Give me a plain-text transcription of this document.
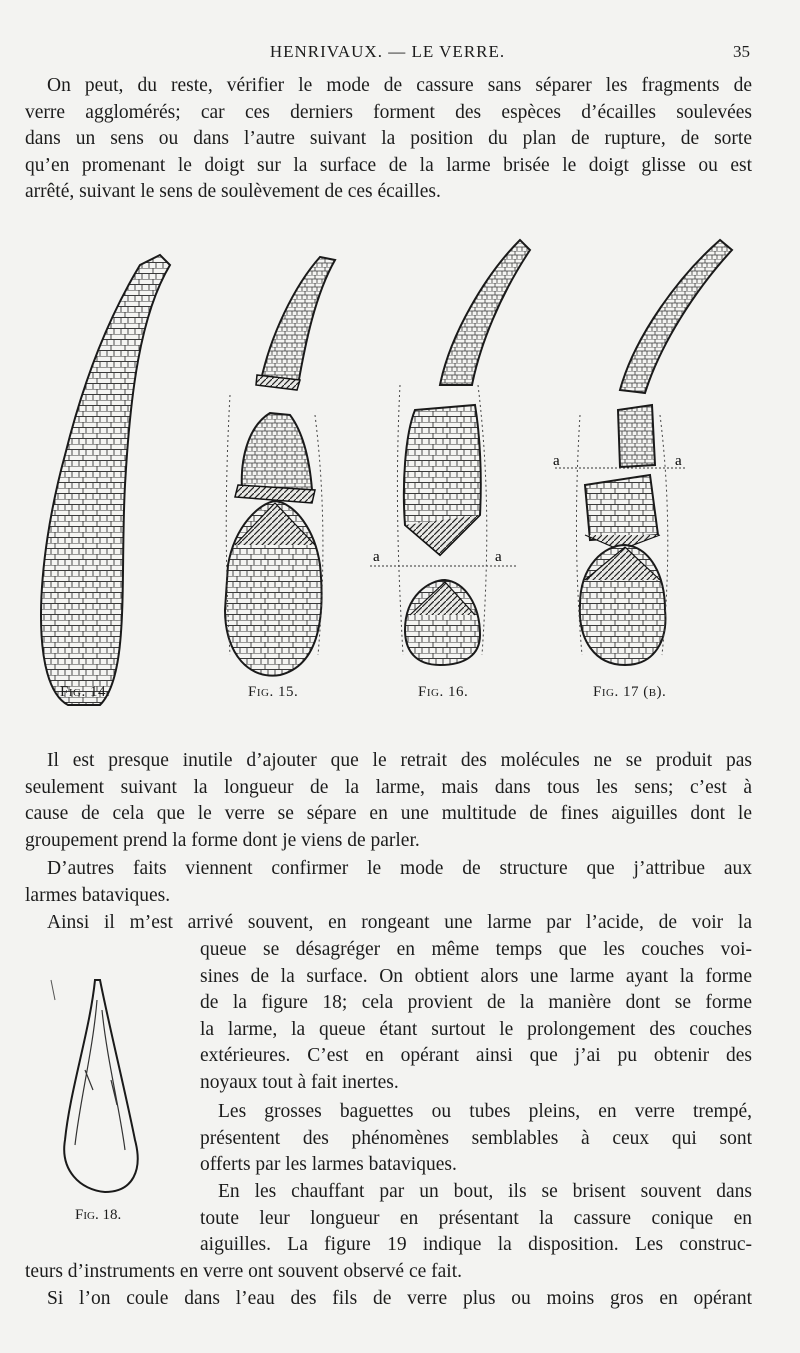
HENRIVAUX. — LE VERRE.	35
On peut, du reste, vérifier le mode de cassure sans séparer les fragments de
verre agglomérés; car ces derniers forment des espèces d’écailles soulevées
dans un sens ou dans l’autre suivant la position du plan de rupture, de sorte
qu’en promenant le doigt sur la surface de la larme brisée le doigt glisse ou est
arrêté, suivant le sens de soulèvement de ces écailles.
a	a
a	a
Fig. 14.	Fig. 15.	Fig. 16.	Fig. 17 (b).
Il est presque inutile d’ajouter que le retrait des molécules ne se produit pas
seulement suivant la longueur de la larme, mais dans tous les sens; c’est à
cause de cela que le verre se sépare en une multitude de fines aiguilles dont le
groupement prend la forme dont je viens de parler.
D’autres faits viennent confirmer le mode de structure que j’attribue aux
larmes bataviques.
Ainsi il m’est arrivé souvent, en rongeant une larme par l’acide, de voir la
Fig. 18.
queue se désagréger en même temps que les couches voi-
sines de la surface. On obtient alors une larme ayant la forme
de la figure 18; cela provient de la manière dont se forme
la larme, la queue étant surtout le prolongement des couches
extérieures. C’est en opérant ainsi que j’ai pu obtenir des
noyaux tout à fait inertes.
Les grosses baguettes ou tubes pleins, en verre trempé,
présentent des phénomènes semblables à ceux qui sont
offerts par les larmes bataviques.
En les chauffant par un bout, ils se brisent souvent dans
toute leur longueur en présentant la cassure conique en
aiguilles. La figure 19 indique la disposition. Les construc-
teurs d’instruments en verre ont souvent observé ce fait.
Si l’on coule dans l’eau des fils de verre plus ou moins gros en opérant
